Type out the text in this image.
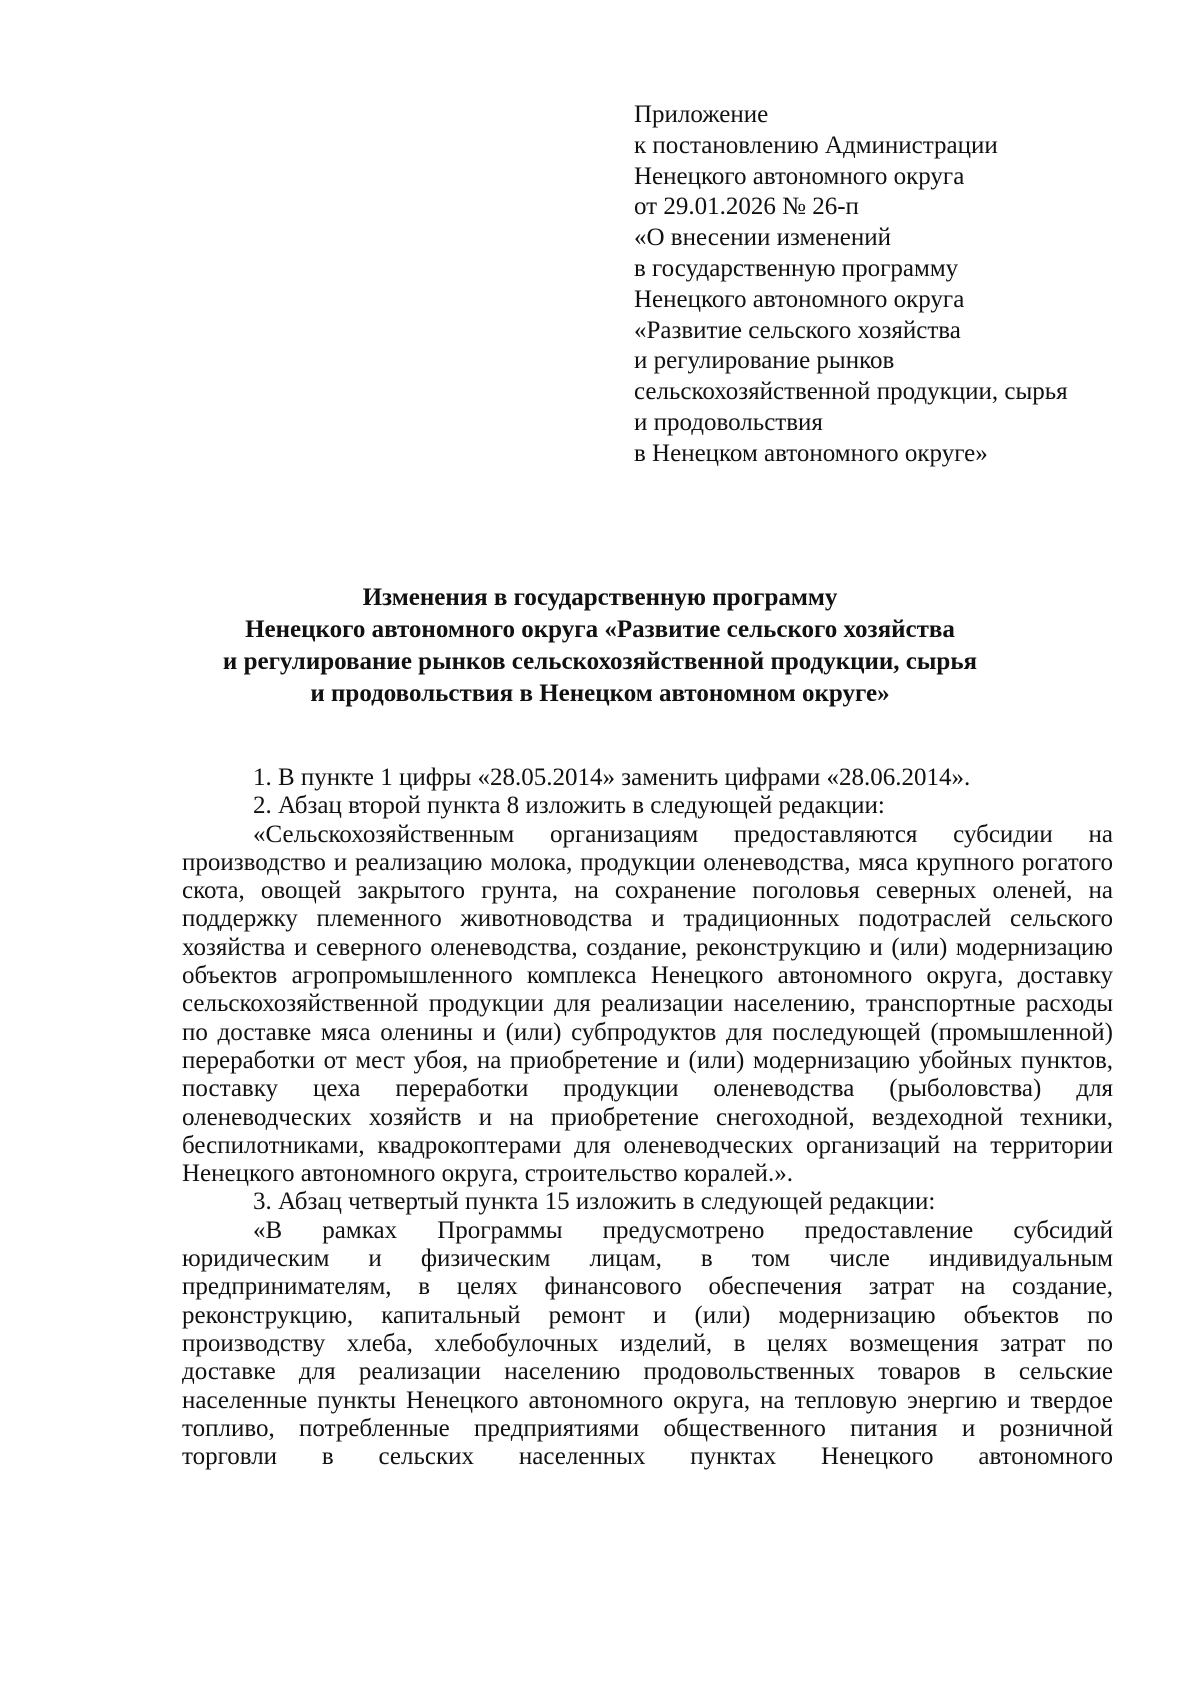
Приложение
к постановлению Администрации
Ненецкого автономного округа
от 29.01.2026 № 26-п
«О внесении изменений
в государственную программу
Ненецкого автономного округа
«Развитие сельского хозяйства
и регулирование рынков
сельскохозяйственной продукции, сырья
и продовольствия
в Ненецком автономного округе»
Изменения в государственную программу
Ненецкого автономного округа «Развитие сельского хозяйства
и регулирование рынков сельскохозяйственной продукции, сырья
и продовольствия в Ненецком автономном округе»

1. В пункте 1 цифры «28.05.2014» заменить цифрами «28.06.2014».

2. Абзац второй пункта 8 изложить в следующей редакции:

«Сельскохозяйственным организациям предоставляются субсидии на производство и реализацию молока, продукции оленеводства, мяса крупного рогатого скота, овощей закрытого грунта, на сохранение поголовья северных оленей, на поддержку племенного животноводства и традиционных подотраслей сельского хозяйства и северного оленеводства, создание, реконструкцию и (или) модернизацию объектов агропромышленного комплекса Ненецкого автономного округа, доставку сельскохозяйственной продукции для реализации населению, транспортные расходы по доставке мяса оленины и (или) субпродуктов для последующей (промышленной) переработки от мест убоя, на приобретение и (или) модернизацию убойных пунктов, поставку цеха переработки продукции оленеводства (рыболовства) для оленеводческих хозяйств и на приобретение снегоходной, вездеходной техники, беспилотниками, квадрокоптерами для оленеводческих организаций на территории Ненецкого автономного округа, строительство коралей.».

3. Абзац четвертый пункта 15 изложить в следующей редакции:

«В рамках Программы предусмотрено предоставление субсидий юридическим и физическим лицам, в том числе индивидуальным предпринимателям, в целях финансового обеспечения затрат на создание, реконструкцию, капитальный ремонт и (или) модернизацию объектов по производству хлеба, хлебобулочных изделий, в целях возмещения затрат по доставке для реализации населению продовольственных товаров в сельские населенные пункты Ненецкого автономного округа, на тепловую энергию и твердое топливо, потребленные предприятиями общественного питания и розничной торговли в сельских населенных пунктах Ненецкого автономного
